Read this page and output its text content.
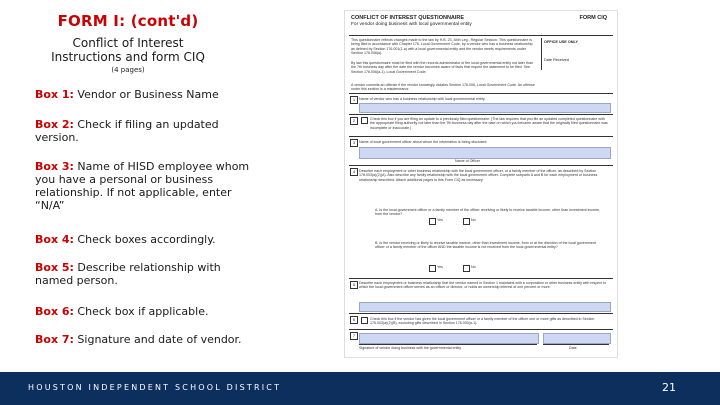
FORM I: (cont'd)
Conflict of Interest
Instructions and form CIQ
(4 pages)
Box 1: Vendor or Business Name
Box 2: Check if filing an updated version.
Box 3: Name of HISD employee whom you have a personal or business relationship. If not applicable, enter “N/A”
Box 4: Check boxes accordingly.
Box 5: Describe relationship with named person.
Box 6: Check box if applicable.
Box 7: Signature and date of vendor.
CONFLICT OF INTEREST QUESTIONNAIRE
For vendor doing business with local governmental entity
FORM CIQ
This questionnaire reflects changes made to the law by H.B. 23, 84th Leg., Regular Session. This questionnaire is being filed in accordance with Chapter 176, Local Government Code, by a vendor who has a business relationship as defined by Section 176.001(1-a) with a local governmental entity and the vendor meets requirements under Section 176.006(a).
By law this questionnaire must be filed with the records administrator of the local governmental entity not later than the 7th business day after the date the vendor becomes aware of facts that require the statement to be filed. See Section 176.006(a-1), Local Government Code.
A vendor commits an offense if the vendor knowingly violates Section 176.006, Local Government Code. An offense under this section is a misdemeanor.
OFFICE USE ONLY
Date Received
1	Name of vendor who has a business relationship with local governmental entity.
2	Check this box if you are filing an update to a previously filed questionnaire. (The law requires that you file an updated completed questionnaire with the appropriate filing authority not later than the 7th business day after the date on which you became aware that the originally filed questionnaire was incomplete or inaccurate.)
3	Name of local government officer about whom the information is being disclosed.
Name of Officer
4	Describe each employment or other business relationship with the local government officer, or a family member of the officer, as described by Section 176.003(a)(2)(A). Also describe any family relationship with the local government officer. Complete subparts A and B for each employment or business relationship described. Attach additional pages to this Form CIQ as necessary.
A. Is the local government officer or a family member of the officer receiving or likely to receive taxable income, other than investment income, from the vendor?
Yes	No
B. Is the vendor receiving or likely to receive taxable income, other than investment income, from or at the direction of the local government officer or a family member of the officer AND the taxable income is not received from the local governmental entity?
Yes	No
5	Describe each employment or business relationship that the vendor named in Section 1 maintains with a corporation or other business entity with respect to which the local government officer serves as an officer or director, or holds an ownership interest of one percent or more.
6	Check this box if the vendor has given the local government officer or a family member of the officer one or more gifts as described in Section 176.003(a)(2)(B), excluding gifts described in Section 176.003(a-1).
7
Signature of vendor doing business with the governmental entity	Date
HOUSTON INDEPENDENT SCHOOL DISTRICT	21
